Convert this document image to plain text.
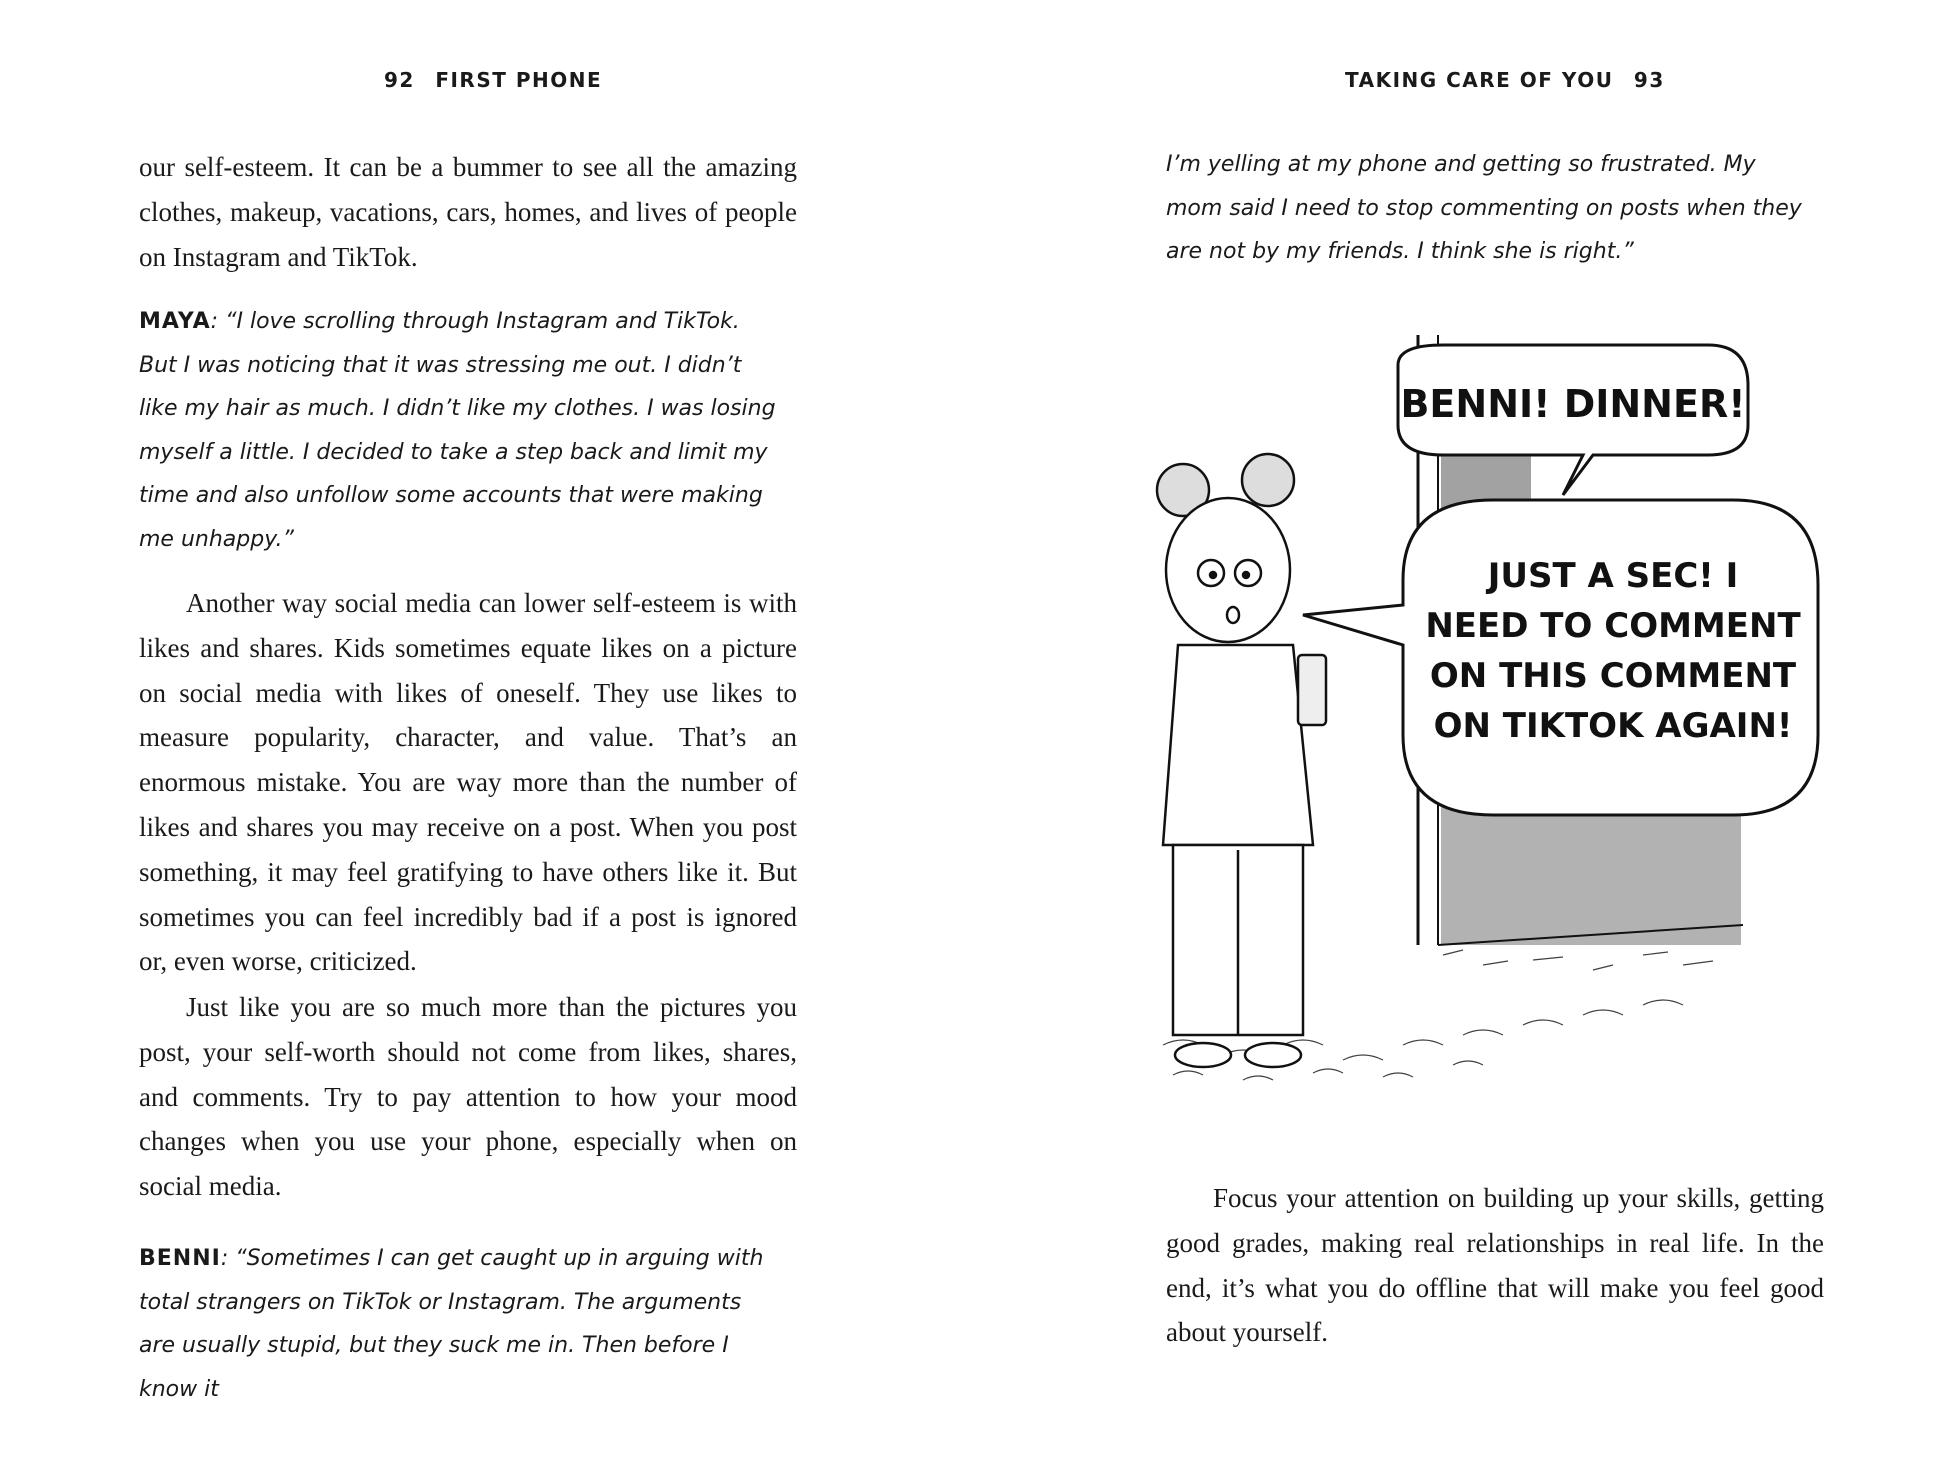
92 FIRST PHONE

our self-esteem. It can be a bummer to see all the amazing clothes, makeup, vacations, cars, homes, and lives of people on Instagram and TikTok.

MAYA: “I love scrolling through Instagram and TikTok. But I was noticing that it was stressing me out. I didn’t like my hair as much. I didn’t like my clothes. I was losing myself a little. I decided to take a step back and limit my time and also unfollow some accounts that were making me unhappy.”

Another way social media can lower self-esteem is with likes and shares. Kids sometimes equate likes on a picture on social media with likes of oneself. They use likes to measure popularity, character, and value. That’s an enormous mistake. You are way more than the number of likes and shares you may receive on a post. When you post something, it may feel gratifying to have others like it. But sometimes you can feel incredibly bad if a post is ignored or, even worse, criticized.

Just like you are so much more than the pictures you post, your self-worth should not come from likes, shares, and comments. Try to pay attention to how your mood changes when you use your phone, especially when on social media.

BENNI: “Sometimes I can get caught up in arguing with total strangers on TikTok or Instagram. The arguments are usually stupid, but they suck me in. Then before I know it

TAKING CARE OF YOU 93

I’m yelling at my phone and getting so frustrated. My mom said I need to stop commenting on posts when they are not by my friends. I think she is right.”

BENNI! DINNER!
JUST A SEC! I
NEED TO COMMENT
ON THIS COMMENT
ON TIKTOK AGAIN!

Focus your attention on building up your skills, getting good grades, making real relationships in real life. In the end, it’s what you do offline that will make you feel good about yourself.
